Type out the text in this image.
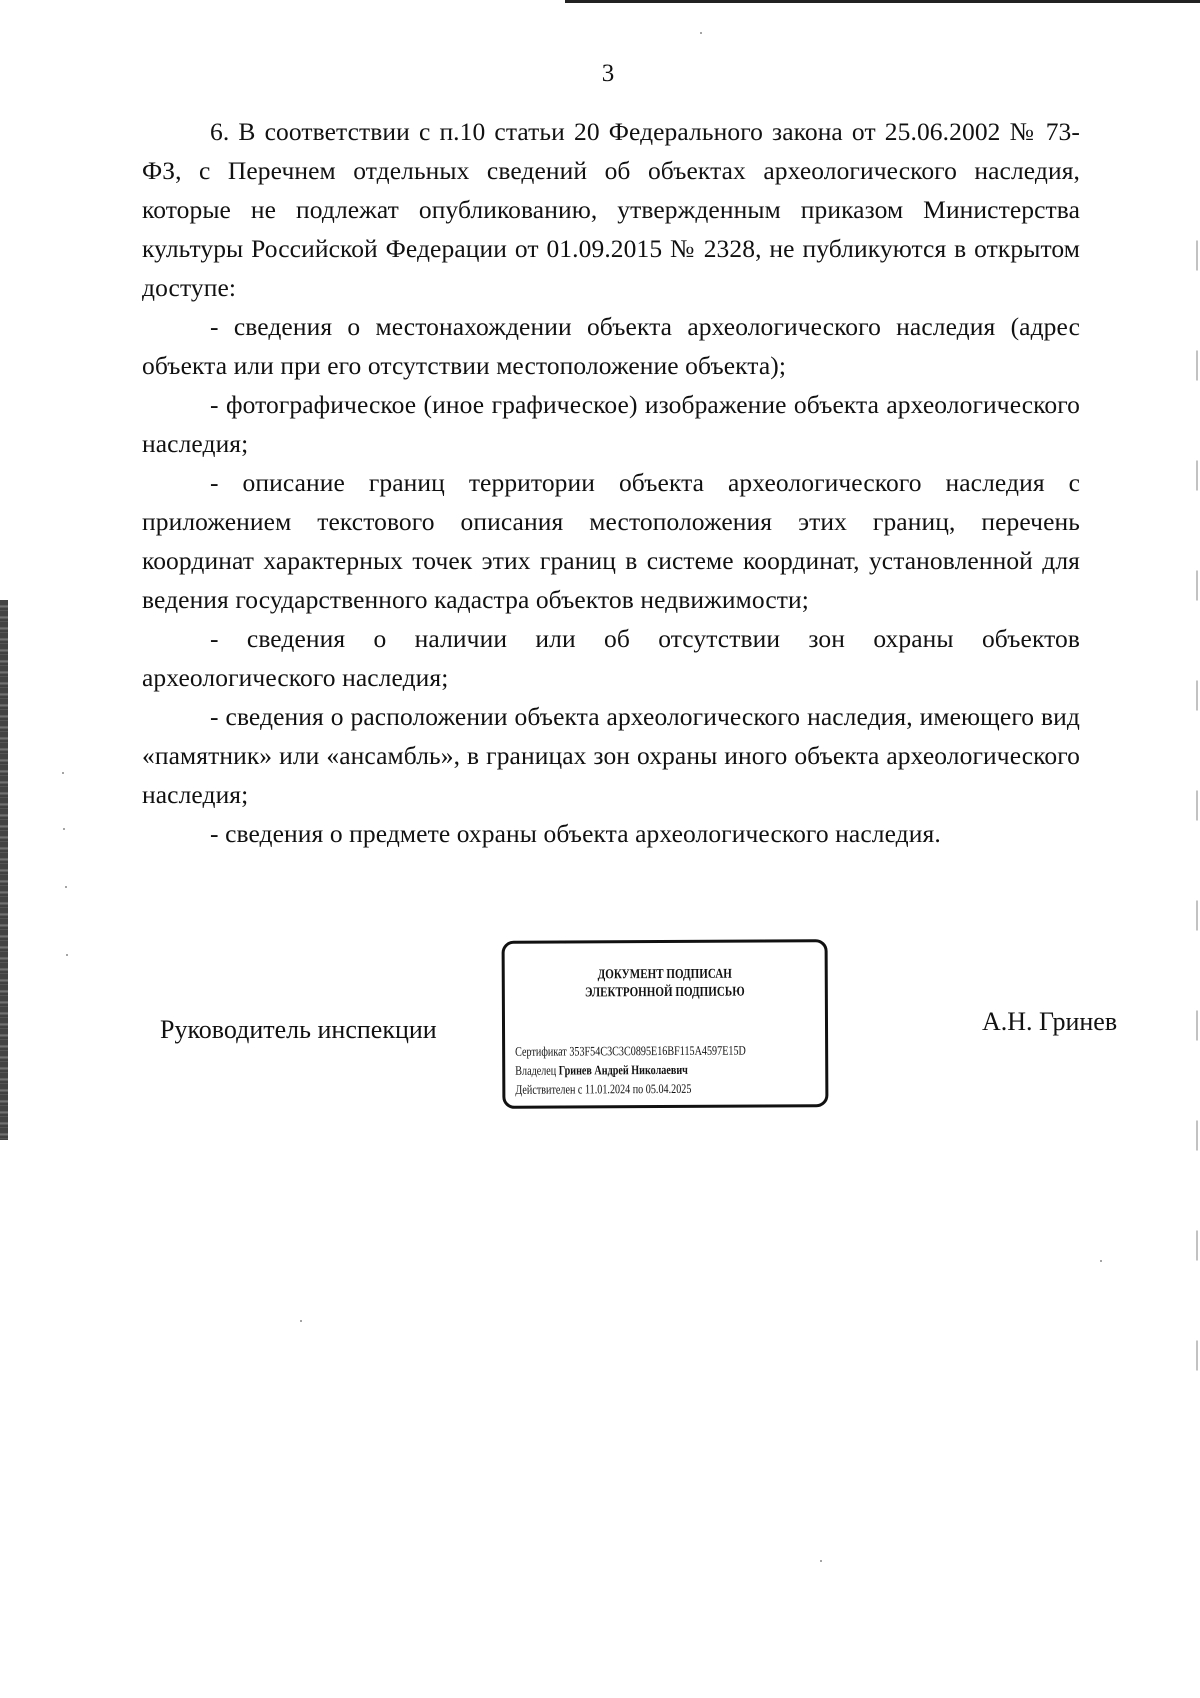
3

6. В соответствии с п.10 статьи 20 Федерального закона от 25.06.2002 № 73-ФЗ, с Перечнем отдельных сведений об объектах археологического наследия, которые не подлежат опубликованию, утвержденным приказом Министерства культуры Российской Федерации от 01.09.2015 № 2328, не публикуются в открытом доступе:

- сведения о местонахождении объекта археологического наследия (адрес объекта или при его отсутствии местоположение объекта);

- фотографическое (иное графическое) изображение объекта археологического наследия;

- описание границ территории объекта археологического наследия с приложением текстового описания местоположения этих границ, перечень координат характерных точек этих границ в системе координат, установленной для ведения государственного кадастра объектов недвижимости;

- сведения о наличии или об отсутствии зон охраны объектов археологического наследия;

- сведения о расположении объекта археологического наследия, имеющего вид «памятник» или «ансамбль», в границах зон охраны иного объекта археологического наследия;

- сведения о предмете охраны объекта археологического наследия.

Руководитель инспекции
ДОКУМЕНТ ПОДПИСАН
ЭЛЕКТРОННОЙ ПОДПИСЬЮ
Сертификат 353F54C3C3C0895E16BF115A4597E15D
Владелец Гринев Андрей Николаевич
Действителен с 11.01.2024 по 05.04.2025
А.Н. Гринев
